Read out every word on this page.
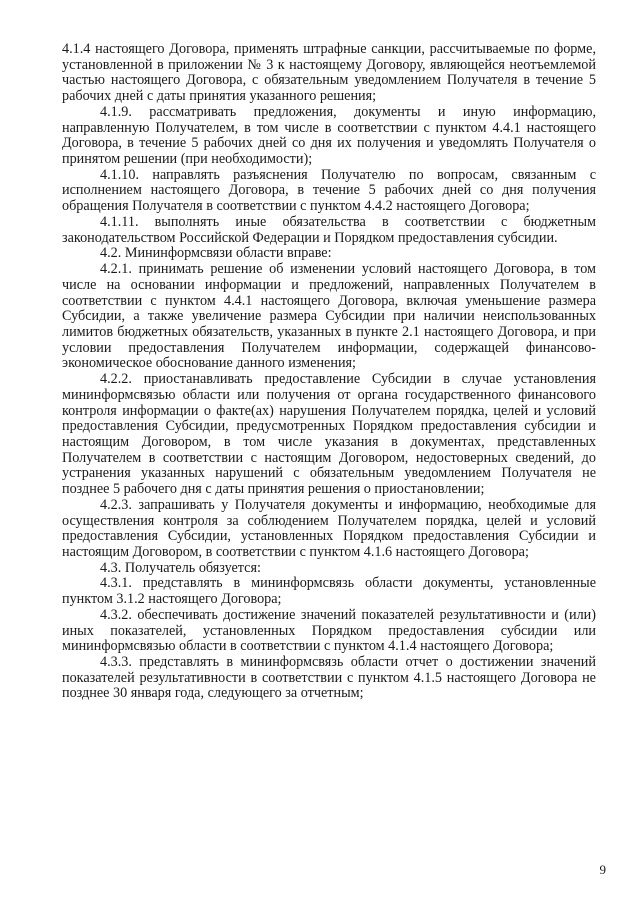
4.1.4 настоящего Договора, применять штрафные санкции, рассчитываемые по форме, установленной в приложении № 3 к настоящему Договору, являющейся неотъемлемой частью настоящего Договора, с обязательным уведомлением Получателя в течение 5 рабочих дней с даты принятия указанного решения;

4.1.9. рассматривать предложения, документы и иную информацию, направленную Получателем, в том числе в соответствии с пунктом 4.4.1 настоящего Договора, в течение 5 рабочих дней со дня их получения и уведомлять Получателя о принятом решении (при необходимости);

4.1.10. направлять разъяснения Получателю по вопросам, связанным с исполнением настоящего Договора, в течение 5 рабочих дней со дня получения обращения Получателя в соответствии с пунктом 4.4.2 настоящего Договора;

4.1.11. выполнять иные обязательства в соответствии с бюджетным законодательством Российской Федерации и Порядком предоставления субсидии.

4.2. Мининформсвязи области вправе:

4.2.1. принимать решение об изменении условий настоящего Договора, в том числе на основании информации и предложений, направленных Получателем в соответствии с пунктом 4.4.1 настоящего Договора, включая уменьшение размера Субсидии, а также увеличение размера Субсидии при наличии неиспользованных лимитов бюджетных обязательств, указанных в пункте 2.1 настоящего Договора, и при условии предоставления Получателем информации, содержащей финансово-экономическое обоснование данного изменения;

4.2.2. приостанавливать предоставление Субсидии в случае установления мининформсвязью области или получения от органа государственного финансового контроля информации о факте(ах) нарушения Получателем порядка, целей и условий предоставления Субсидии, предусмотренных Порядком предоставления субсидии и настоящим Договором, в том числе указания в документах, представленных Получателем в соответствии с настоящим Договором, недостоверных сведений, до устранения указанных нарушений с обязательным уведомлением Получателя не позднее 5 рабочего дня с даты принятия решения о приостановлении;

4.2.3. запрашивать у Получателя документы и информацию, необходимые для осуществления контроля за соблюдением Получателем порядка, целей и условий предоставления Субсидии, установленных Порядком предоставления Субсидии и настоящим Договором, в соответствии с пунктом 4.1.6 настоящего Договора;

4.3. Получатель обязуется:

4.3.1. представлять в мининформсвязь области документы, установленные пунктом 3.1.2 настоящего Договора;

4.3.2. обеспечивать достижение значений показателей результативности и (или) иных показателей, установленных Порядком предоставления субсидии или мининформсвязью области в соответствии с пунктом 4.1.4 настоящего Договора;

4.3.3. представлять в мининформсвязь области отчет о достижении значений показателей результативности в соответствии с пунктом 4.1.5 настоящего Договора не позднее 30 января года, следующего за отчетным;

9
